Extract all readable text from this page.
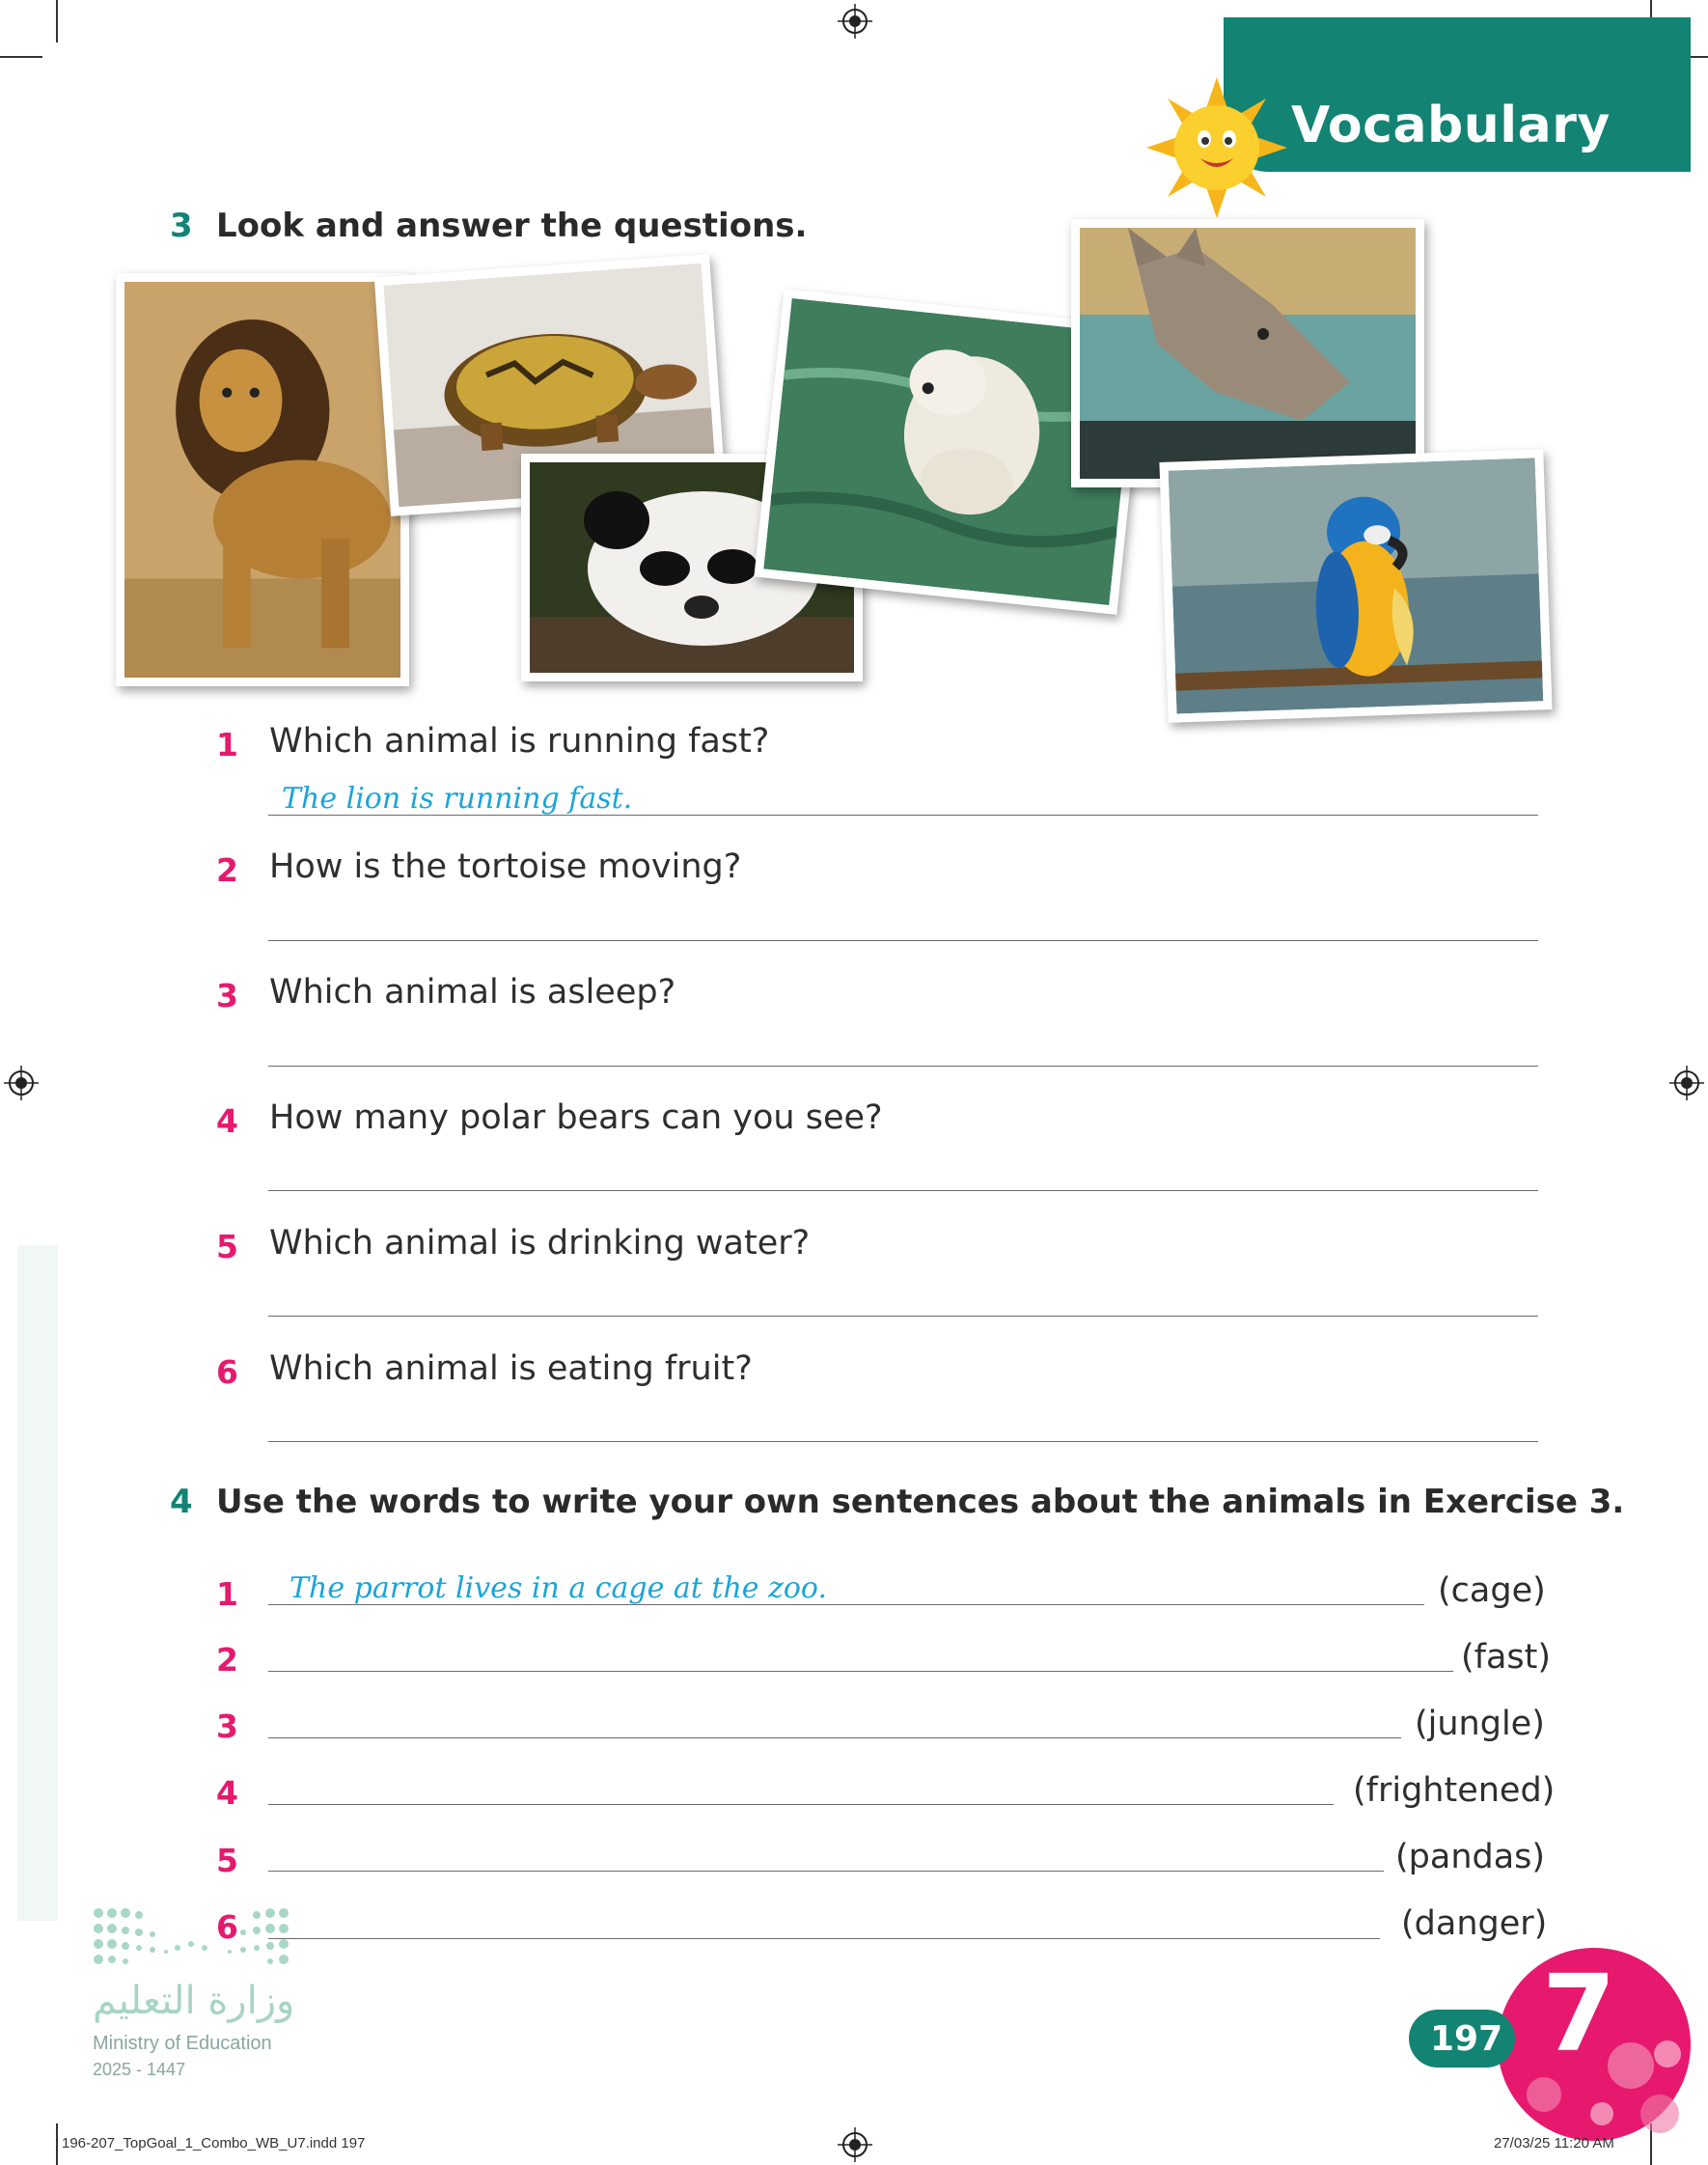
Vocabulary
3 Look and answer the questions.
1 Which animal is running fast?
The lion is running fast.
2 How is the tortoise moving?
3 Which animal is asleep?
4 How many polar bears can you see?
5 Which animal is drinking water?
6 Which animal is eating fruit?
4 Use the words to write your own sentences about the animals in Exercise 3.
1 The parrot lives in a cage at the zoo.	(cage)
2	(fast)
3	(jungle)
4	(frightened)
5	(pandas)
6	(danger)
وزارة التعليم
Ministry of Education
2025 - 1447	7
197
196-207_TopGoal_1_Combo_WB_U7.indd 197	27/03/25 11:20 AM
